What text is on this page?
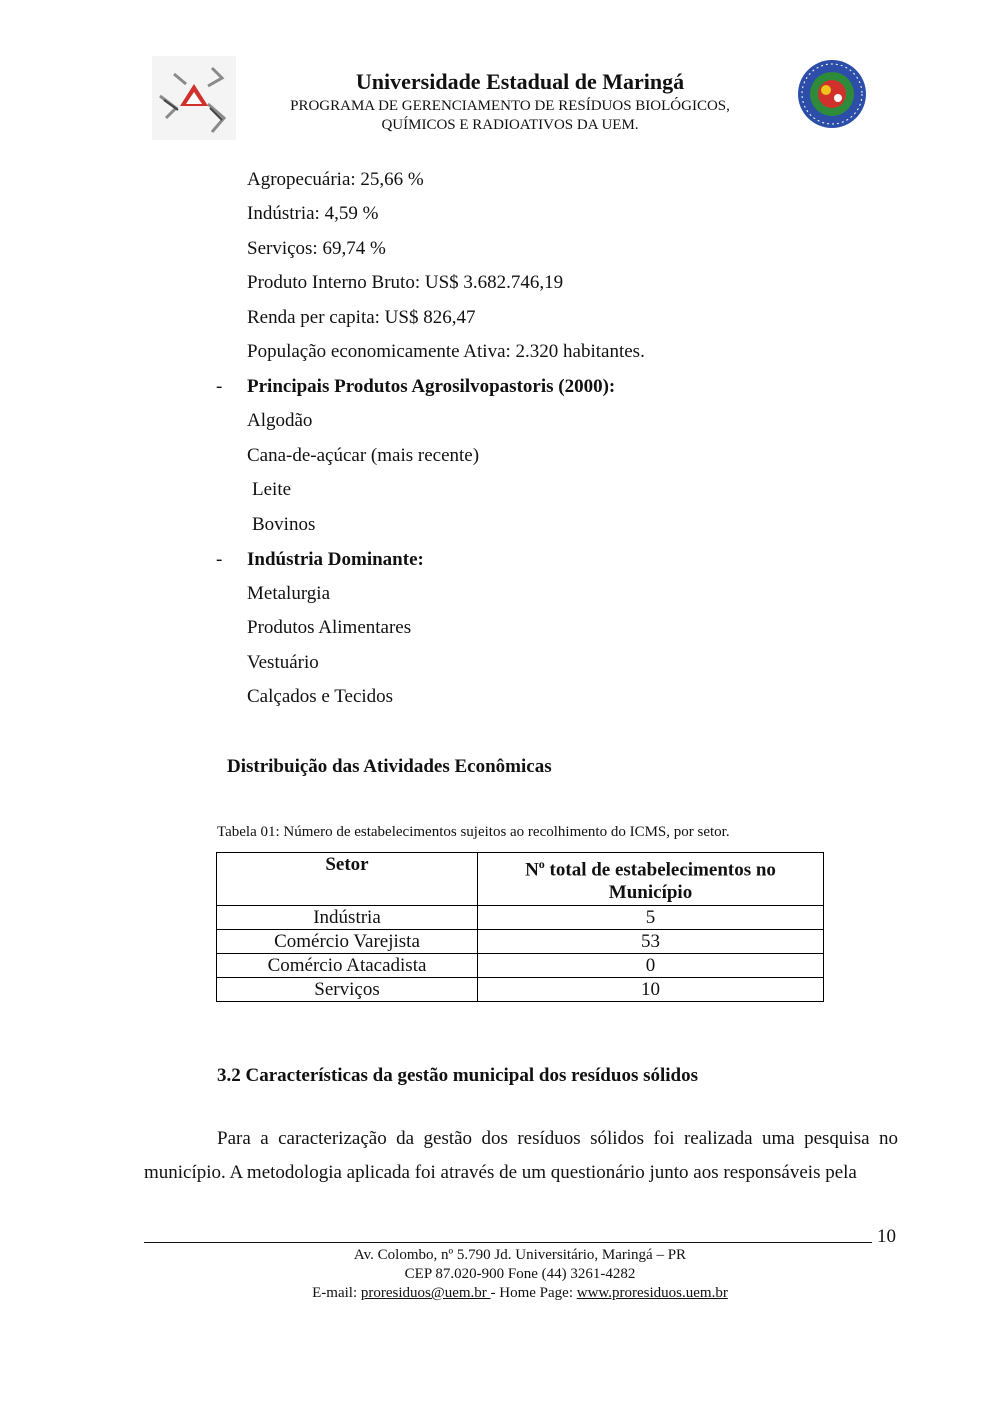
Universidade Estadual de Maringá
PROGRAMA DE GERENCIAMENTO DE RESÍDUOS BIOLÓGICOS,
QUÍMICOS E RADIOATIVOS DA UEM.
Agropecuária: 25,66 %
Indústria: 4,59 %
Serviços: 69,74 %
Produto Interno Bruto: US$ 3.682.746,19
Renda per capita: US$ 826,47
População economicamente Ativa: 2.320 habitantes.
- Principais Produtos Agrosilvopastoris (2000):
Algodão
Cana-de-açúcar (mais recente)
Leite
Bovinos
- Indústria Dominante:
Metalurgia
Produtos Alimentares
Vestuário
Calçados e Tecidos
Distribuição das Atividades Econômicas
Tabela 01: Número de estabelecimentos sujeitos ao recolhimento do ICMS, por setor.
Setor	$N^o$ total de estabelecimentos no
Município
Indústria	5
Comércio Varejista	53
Comércio Atacadista	0
Serviços	10
3.2 Características da gestão municipal dos resíduos sólidos
Para a caracterização da gestão dos resíduos sólidos foi realizada uma pesquisa no município. A metodologia aplicada foi através de um questionário junto aos responsáveis pela
10
Av. Colombo, nº 5.790 Jd. Universitário, Maringá – PR
CEP 87.020-900 Fone (44) 3261-4282
E-mail: proresiduos@uem.br - Home Page: www.proresiduos.uem.br
